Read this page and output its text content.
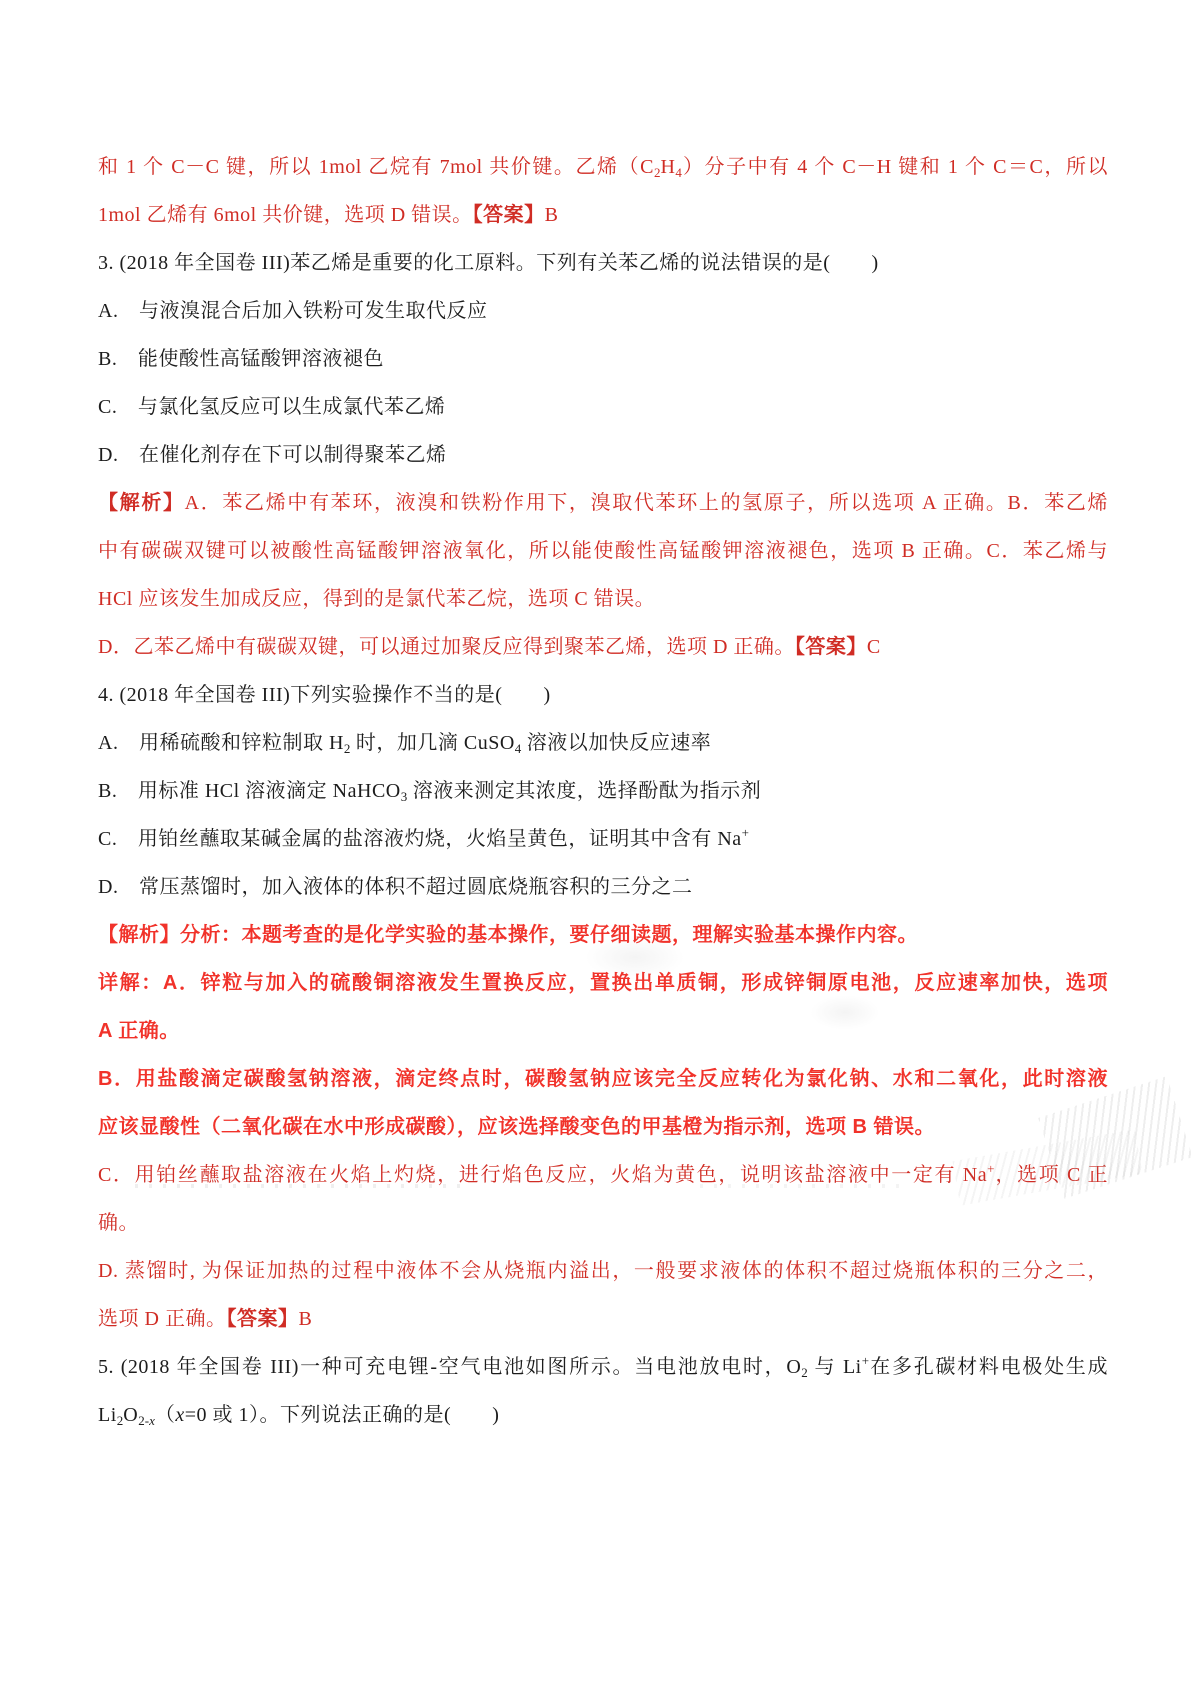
和 1 个 C－C 键，所以 1mol 乙烷有 7mol 共价键。乙烯$(C_2H_4)$分子中有 4 个 C－H 键和 1 个 C＝C，所以
1mol 乙烯有 6mol 共价键，选项 D 错误。【答案】B
3. (2018 年全国卷 III)苯乙烯是重要的化工原料。下列有关苯乙烯的说法错误的是(　　)
A.　与液溴混合后加入铁粉可发生取代反应
B.　能使酸性高锰酸钾溶液褪色
C.　与氯化氢反应可以生成氯代苯乙烯
D.　在催化剂存在下可以制得聚苯乙烯
【解析】A．苯乙烯中有苯环，液溴和铁粉作用下，溴取代苯环上的氢原子，所以选项 A 正确。B．苯乙烯
中有碳碳双键可以被酸性高锰酸钾溶液氧化，所以能使酸性高锰酸钾溶液褪色，选项 B 正确。C．苯乙烯与
HCl 应该发生加成反应，得到的是氯代苯乙烷，选项 C 错误。
D．乙苯乙烯中有碳碳双键，可以通过加聚反应得到聚苯乙烯，选项 D 正确。【答案】C
4. (2018 年全国卷 III)下列实验操作不当的是(　　)
A.　用稀硫酸和锌粒制取 $H_2$ 时，加几滴 CuSO$_4$ 溶液以加快反应速率
B.　用标准 HCl 溶液滴定 NaHCO$_3$ 溶液来测定其浓度，选择酚酞为指示剂
C.　用铂丝蘸取某碱金属的盐溶液灼烧，火焰呈黄色，证明其中含有 Na+
D.　常压蒸馏时，加入液体的体积不超过圆底烧瓶容积的三分之二
【解析】分析：本题考查的是化学实验的基本操作，要仔细读题，理解实验基本操作内容。
详解：A．锌粒与加入的硫酸铜溶液发生置换反应，置换出单质铜，形成锌铜原电池，反应速率加快，选项
A 正确。
B．用盐酸滴定碳酸氢钠溶液，滴定终点时，碳酸氢钠应该完全反应转化为氯化钠、水和二氧化，此时溶液
应该显酸性（二氧化碳在水中形成碳酸），应该选择酸变色的甲基橙为指示剂，选项 B 错误。
C．用铂丝蘸取盐溶液在火焰上灼烧，进行焰色反应，火焰为黄色，说明该盐溶液中一定有 Na+，选项 C 正
确。
D. 蒸馏时, 为保证加热的过程中液体不会从烧瓶内溢出，一般要求液体的体积不超过烧瓶体积的三分之二，
选项 D 正确。【答案】B
5. (2018 年全国卷 III)一种可充电锂-空气电池如图所示。当电池放电时，$O_2$ 与 Li+在多孔碳材料电极处生成
$Li_2O_{2-x}(x=0$ 或 1）。下列说法正确的是(　　)
